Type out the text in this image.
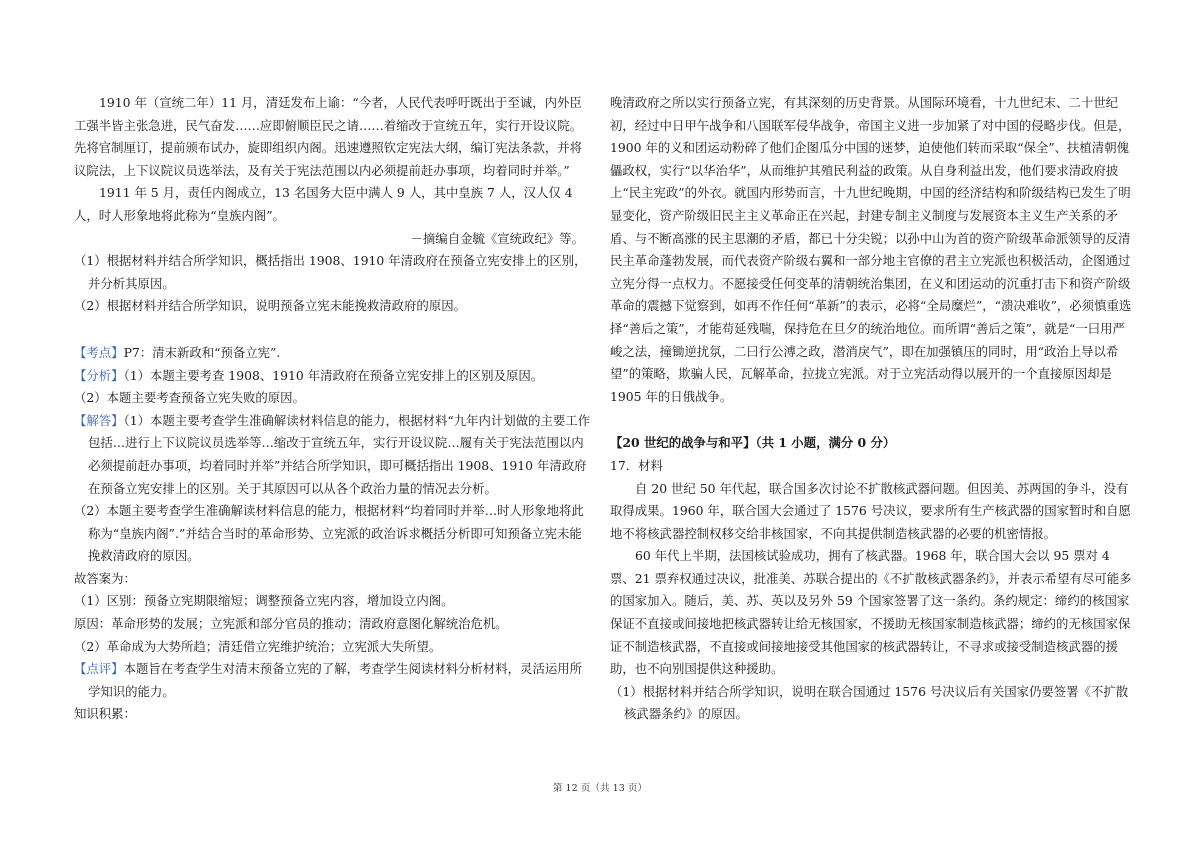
1910 年（宣统二年）11 月，清廷发布上谕：“今者，人民代表呼吁既出于至诚，内外臣工强半皆主张急进，民气奋发……应即俯顺臣民之请……着缩改于宣统五年，实行开设议院。先将官制厘订，提前颁布试办，旋即组织内阁。迅速遵照钦定宪法大纲，编订宪法条款，并将议院法，上下议院议员选举法，及有关于宪法范围以内必须提前赶办事项，均着同时并举。”

1911 年 5 月，责任内阁成立，13 名国务大臣中满人 9 人，其中皇族 7 人，汉人仅 4 人，时人形象地将此称为“皇族内阁”。

－摘编自金毓《宣统政纪》等。

（1）根据材料并结合所学知识，概括指出 1908、1910 年清政府在预备立宪安排上的区别，并分析其原因。

（2）根据材料并结合所学知识，说明预备立宪未能挽救清政府的原因。

【考点】P7：清末新政和“预备立宪”.

【分析】（1）本题主要考查 1908、1910 年清政府在预备立宪安排上的区别及原因。

（2）本题主要考查预备立宪失败的原因。

【解答】（1）本题主要考查学生准确解读材料信息的能力，根据材料“九年内计划做的主要工作包括…进行上下议院议员选举等…缩改于宣统五年，实行开设议院…履有关于宪法范围以内必须提前赶办事项，均着同时并举”并结合所学知识，即可概括指出 1908、1910 年清政府在预备立宪安排上的区别。关于其原因可以从各个政治力量的情况去分析。

（2）本题主要考查学生准确解读材料信息的能力，根据材料“均着同时并举…时人形象地将此称为“皇族内阁”.”并结合当时的革命形势、立宪派的政治诉求概括分析即可知预备立宪未能挽救清政府的原因。

故答案为：

（1）区别：预备立宪期限缩短；调整预备立宪内容，增加设立内阁。

原因：革命形势的发展；立宪派和部分官员的推动；清政府意图化解统治危机。

（2）革命成为大势所趋；清廷借立宪维护统治；立宪派大失所望。

【点评】本题旨在考查学生对清末预备立宪的了解，考查学生阅读材料分析材料，灵活运用所学知识的能力。

知识积累：

晚清政府之所以实行预备立宪，有其深刻的历史背景。从国际环境看，十九世纪末、二十世纪初，经过中日甲午战争和八国联军侵华战争，帝国主义进一步加紧了对中国的侵略步伐。但是，1900 年的义和团运动粉碎了他们企图瓜分中国的迷梦，迫使他们转而采取“保全”、扶植清朝傀儡政权，实行“以华治华”，从而维护其殖民利益的政策。从自身利益出发，他们要求清政府披上“民主宪政”的外衣。就国内形势而言，十九世纪晚期，中国的经济结构和阶级结构已发生了明显变化，资产阶级旧民主主义革命正在兴起，封建专制主义制度与发展资本主义生产关系的矛盾、与不断高涨的民主思潮的矛盾，都已十分尖锐；以孙中山为首的资产阶级革命派领导的反清民主革命蓬勃发展，而代表资产阶级右翼和一部分地主官僚的君主立宪派也积极活动，企图通过立宪分得一点权力。不愿接受任何变革的清朝统治集团，在义和团运动的沉重打击下和资产阶级革命的震撼下觉察到，如再不作任何“革新”的表示，必将“全局糜烂”，“溃决难收”，必须慎重选择“善后之策”，才能苟延残喘，保持危在旦夕的统治地位。而所谓“善后之策”，就是“一曰用严峻之法，撞锄逆扰氛，二曰行公溥之政，潜消戾气”，即在加强镇压的同时，用“政治上导以希望”的策略，欺骗人民，瓦解革命，拉拢立宪派。对于立宪活动得以展开的一个直接原因却是 1905 年的日俄战争。

【20 世纪的战争与和平】（共 1 小题，满分 0 分）

17．材料

自 20 世纪 50 年代起，联合国多次讨论不扩散核武器问题。但因美、苏两国的争斗，没有取得成果。1960 年，联合国大会通过了 1576 号决议，要求所有生产核武器的国家暂时和自愿地不将核武器控制权移交给非核国家，不向其提供制造核武器的必要的机密情报。

60 年代上半期，法国核试验成功，拥有了核武器。1968 年，联合国大会以 95 票对 4 票、21 票弃权通过决议，批准美、苏联合提出的《不扩散核武器条约》，并表示希望有尽可能多的国家加入。随后，美、苏、英以及另外 59 个国家签署了这一条约。条约规定：缔约的核国家保证不直接或间接地把核武器转让给无核国家，不援助无核国家制造核武器；缔约的无核国家保证不制造核武器，不直接或间接地接受其他国家的核武器转让，不寻求或接受制造核武器的援助，也不向别国提供这种援助。

（1）根据材料并结合所学知识，说明在联合国通过 1576 号决议后有关国家仍要签署《不扩散核武器条约》的原因。

第 12 页（共 13 页）
